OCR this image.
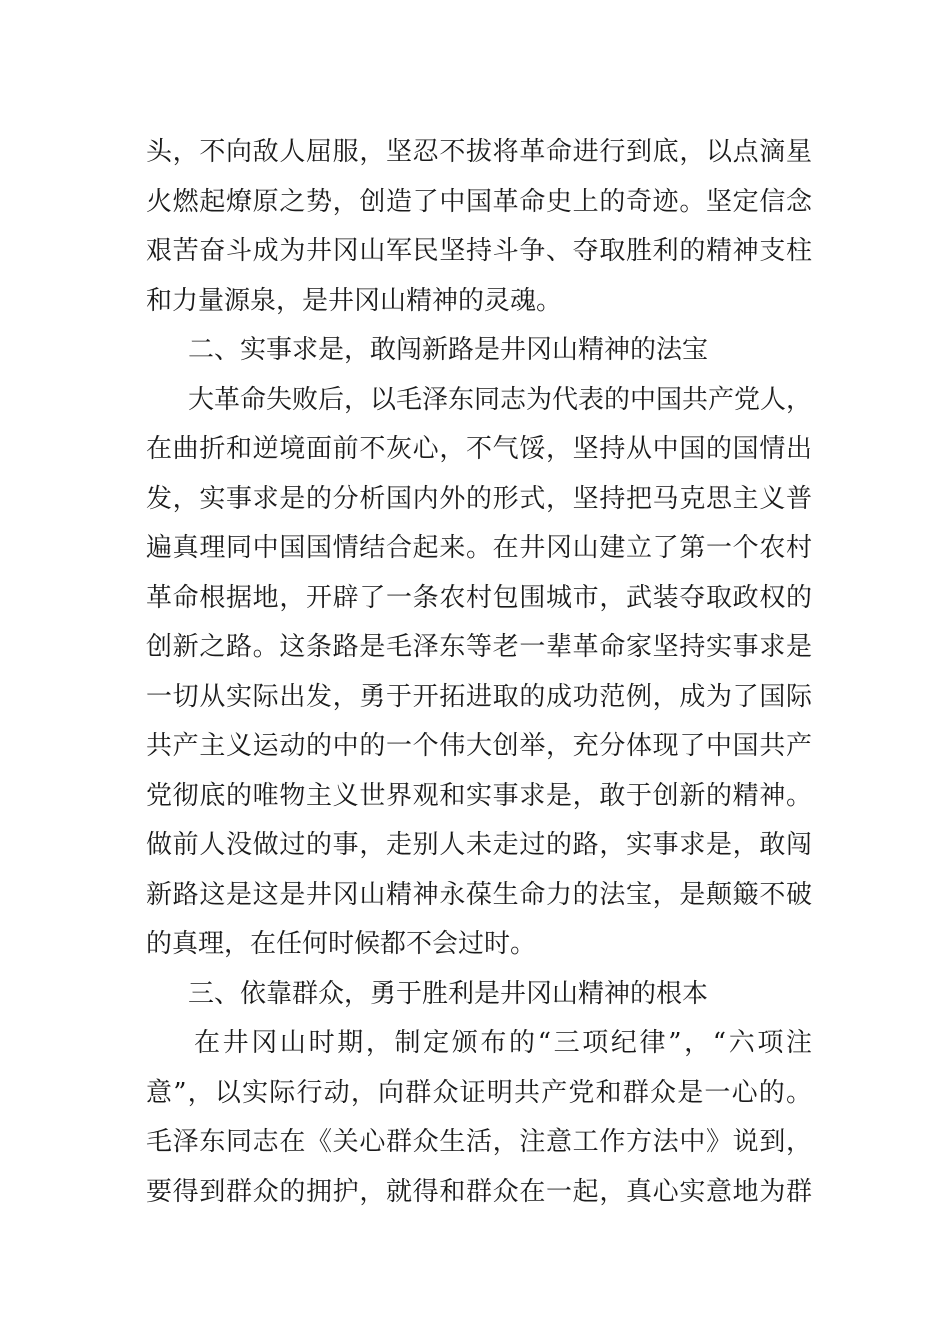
头，不向敌人屈服，坚忍不拔将革命进行到底，以点滴星
火燃起燎原之势，创造了中国革命史上的奇迹。坚定信念
艰苦奋斗成为井冈山军民坚持斗争、夺取胜利的精神支柱
和力量源泉，是井冈山精神的灵魂。
二、实事求是，敢闯新路是井冈山精神的法宝
大革命失败后，以毛泽东同志为代表的中国共产党人，
在曲折和逆境面前不灰心，不气馁，坚持从中国的国情出
发，实事求是的分析国内外的形式，坚持把马克思主义普
遍真理同中国国情结合起来。在井冈山建立了第一个农村
革命根据地，开辟了一条农村包围城市，武装夺取政权的
创新之路。这条路是毛泽东等老一辈革命家坚持实事求是
一切从实际出发，勇于开拓进取的成功范例，成为了国际
共产主义运动的中的一个伟大创举，充分体现了中国共产
党彻底的唯物主义世界观和实事求是，敢于创新的精神。
做前人没做过的事，走别人未走过的路，实事求是，敢闯
新路这是这是井冈山精神永葆生命力的法宝，是颠簸不破
的真理，在任何时候都不会过时。
三、依靠群众，勇于胜利是井冈山精神的根本
在井冈山时期，制定颁布的“三项纪律”，“六项注
意”，以实际行动，向群众证明共产党和群众是一心的。
毛泽东同志在《关心群众生活，注意工作方法中》说到，
要得到群众的拥护，就得和群众在一起，真心实意地为群
